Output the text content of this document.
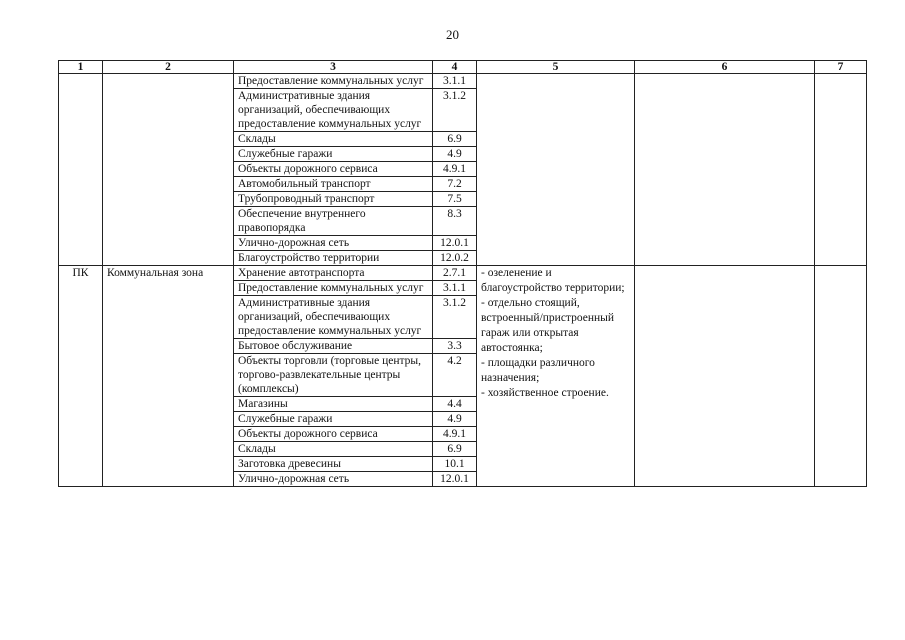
20
1	2	3	4	5	6	7
		Предоставление коммунальных услуг	3.1.1			
		Административные здания организаций, обеспечивающих предоставление коммунальных услуг	3.1.2			
		Склады	6.9			
		Служебные гаражи	4.9			
		Объекты дорожного сервиса	4.9.1			
		Автомобильный транспорт	7.2			
		Трубопроводный транспорт	7.5			
		Обеспечение внутреннего правопорядка	8.3			
		Улично-дорожная сеть	12.0.1			
		Благоустройство территории	12.0.2			
ПК	Коммунальная зона	Хранение автотранспорта	2.7.1	- озеленение и благоустройство территории;
- отдельно стоящий, встроенный/пристроенный гараж или открытая автостоянка;
- площадки различного назначения;
- хозяйственное строение.		

		Предоставление коммунальных услуг	3.1.1			
		Административные здания организаций, обеспечивающих предоставление коммунальных услуг	3.1.2			
		Бытовое обслуживание	3.3			
		Объекты торговли (торговые центры, торгово-развлекательные центры (комплексы)	4.2			
		Магазины	4.4			
		Служебные гаражи	4.9			
		Объекты дорожного сервиса	4.9.1			
		Склады	6.9			
		Заготовка древесины	10.1			
		Улично-дорожная сеть	12.0.1			
